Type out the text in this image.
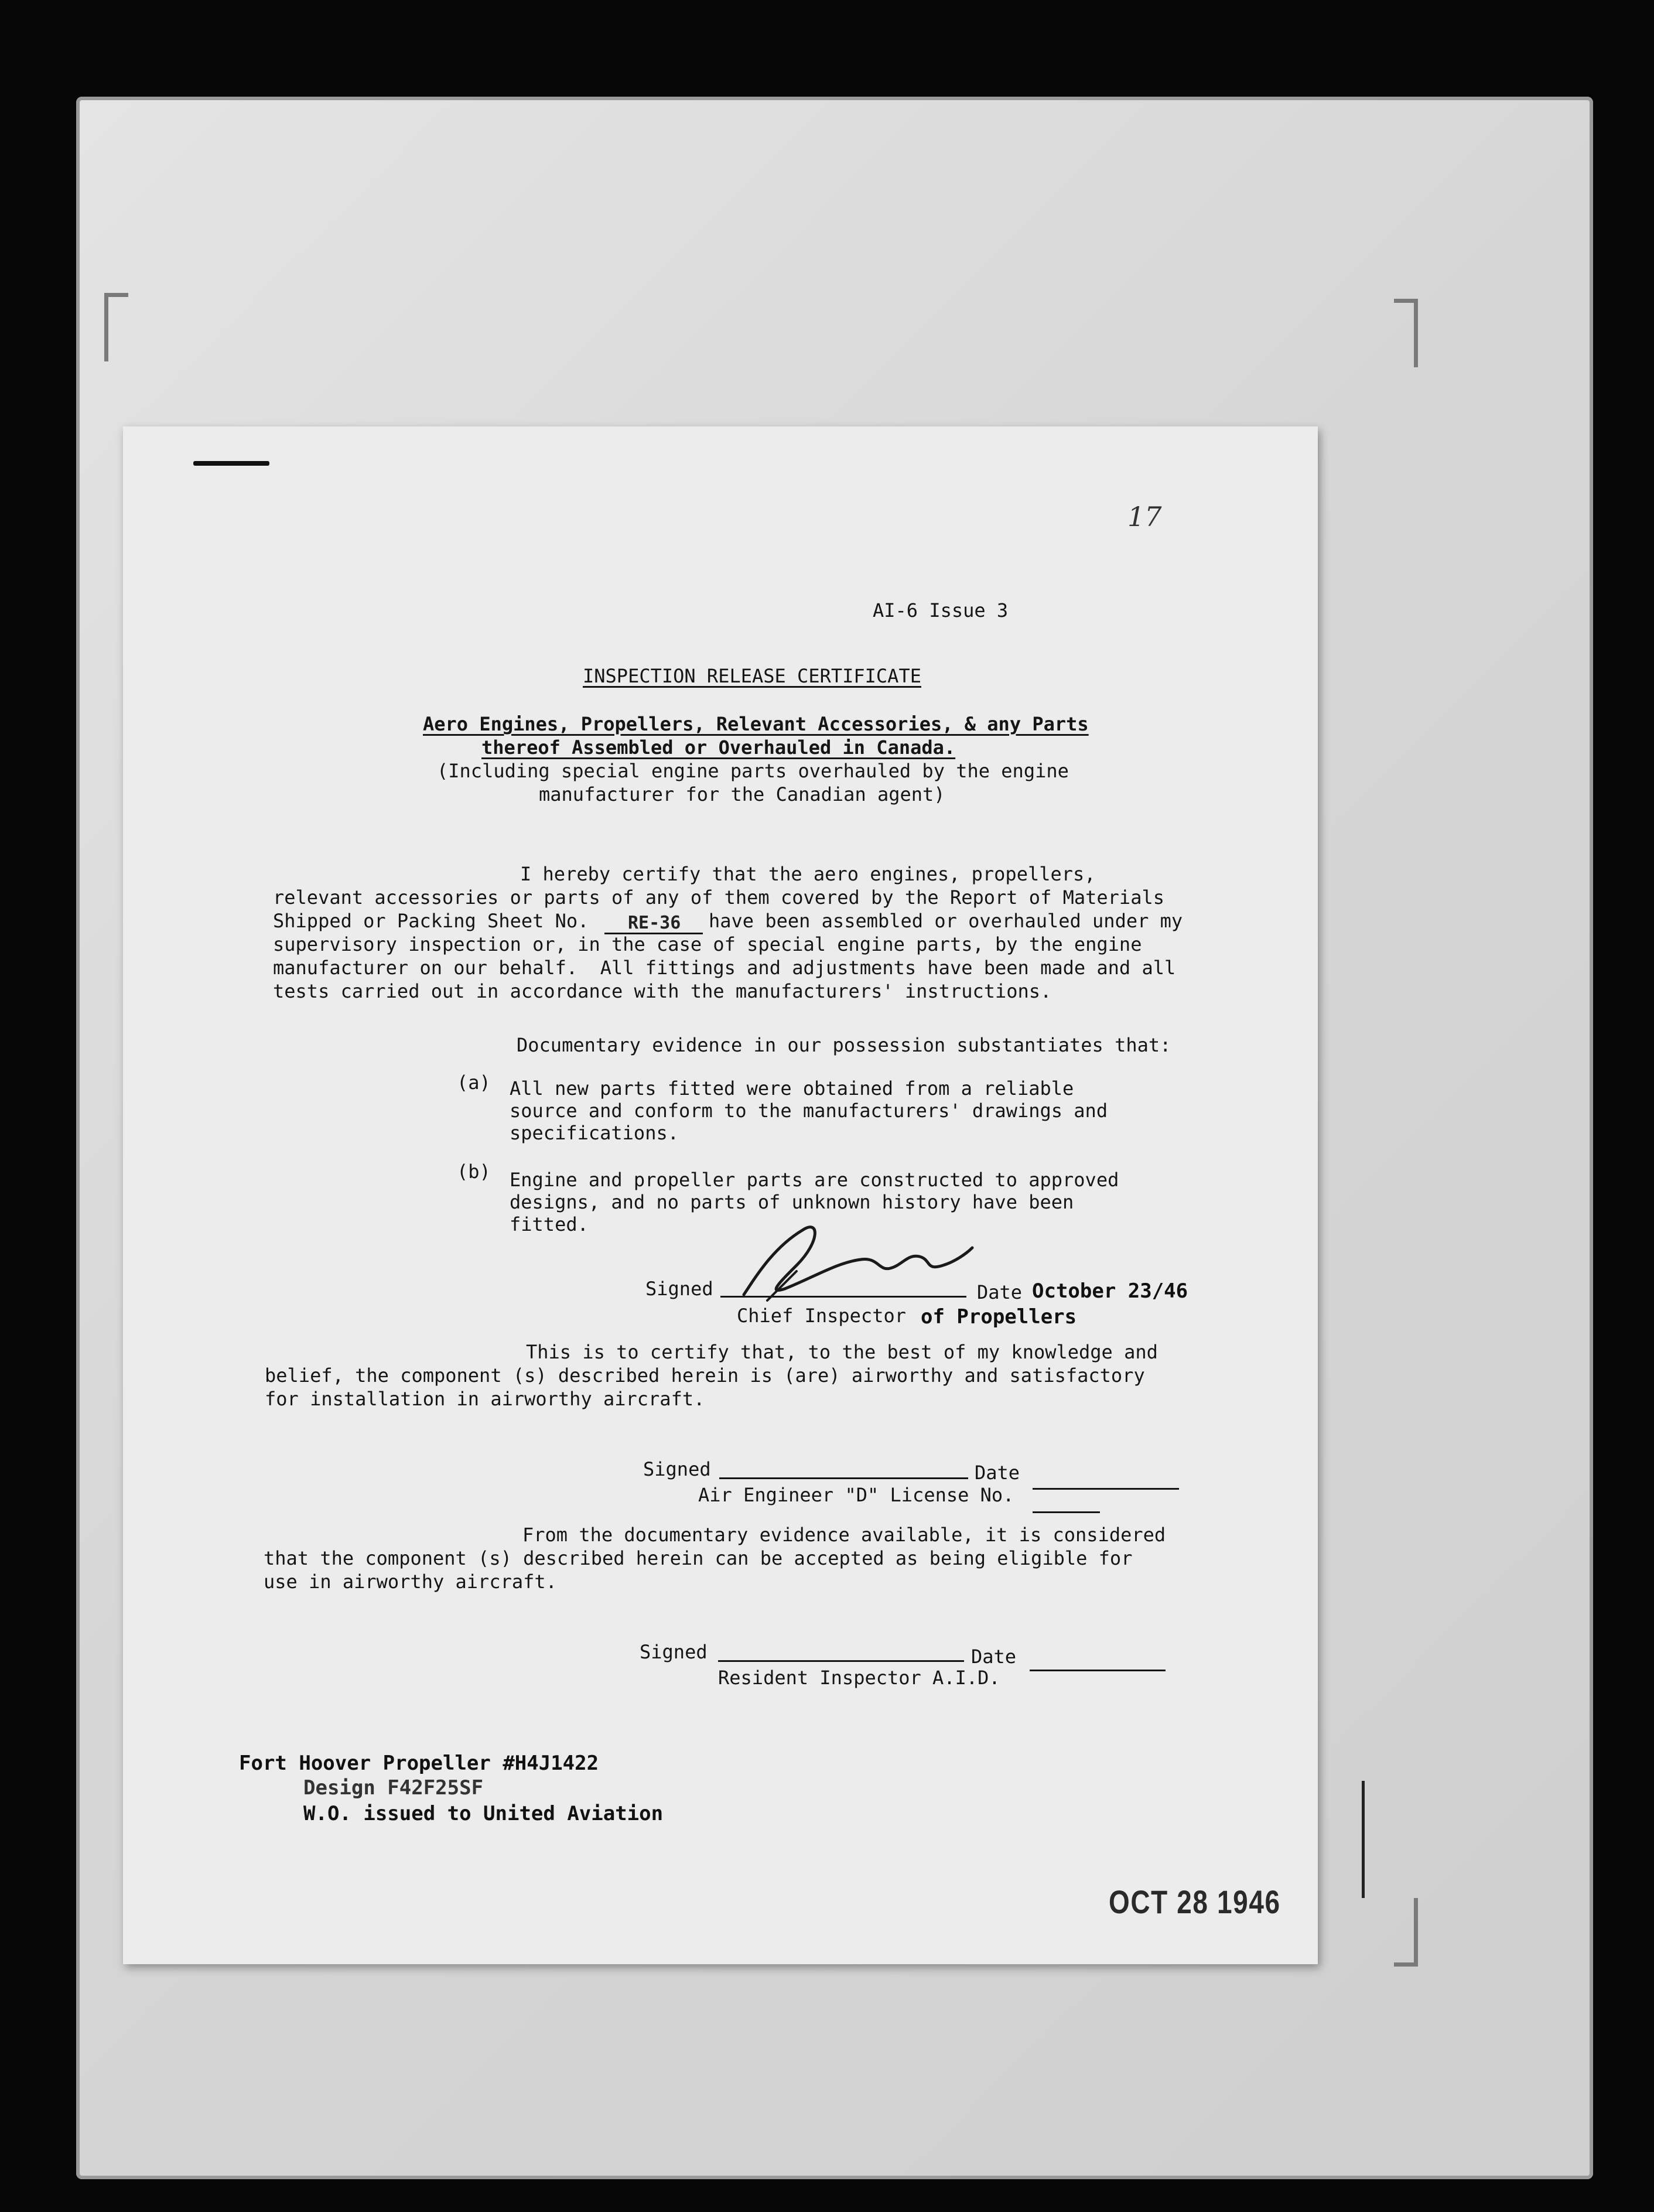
17
AI-6 Issue 3
INSPECTION RELEASE CERTIFICATE
Aero Engines, Propellers, Relevant Accessories, & any Parts
thereof Assembled or Overhauled in Canada.
(Including special engine parts overhauled by the engine
manufacturer for the Canadian agent)
I hereby certify that the aero engines, propellers,
relevant accessories or parts of any of them covered by the Report of Materials
Shipped or Packing Sheet No. RE-36 have been assembled or overhauled under my
supervisory inspection or, in the case of special engine parts, by the engine
manufacturer on our behalf.  All fittings and adjustments have been made and all
tests carried out in accordance with the manufacturers' instructions.
Documentary evidence in our possession substantiates that:
(a) All new parts fitted were obtained from a reliable
source and conform to the manufacturers' drawings and
specifications.
(b) Engine and propeller parts are constructed to approved
designs, and no parts of unknown history have been
fitted.
Signed	Date October 23/46
Chief Inspector of Propellers
This is to certify that, to the best of my knowledge and
belief, the component (s) described herein is (are) airworthy and satisfactory
for installation in airworthy aircraft.
Signed	Date
Air Engineer "D" License No.
From the documentary evidence available, it is considered
that the component (s) described herein can be accepted as being eligible for
use in airworthy aircraft.
Signed	Date
Resident Inspector A.I.D.
Fort Hoover Propeller #H4J1422
Design F42F25SF
W.O. issued to United Aviation
OCT 28 1946
